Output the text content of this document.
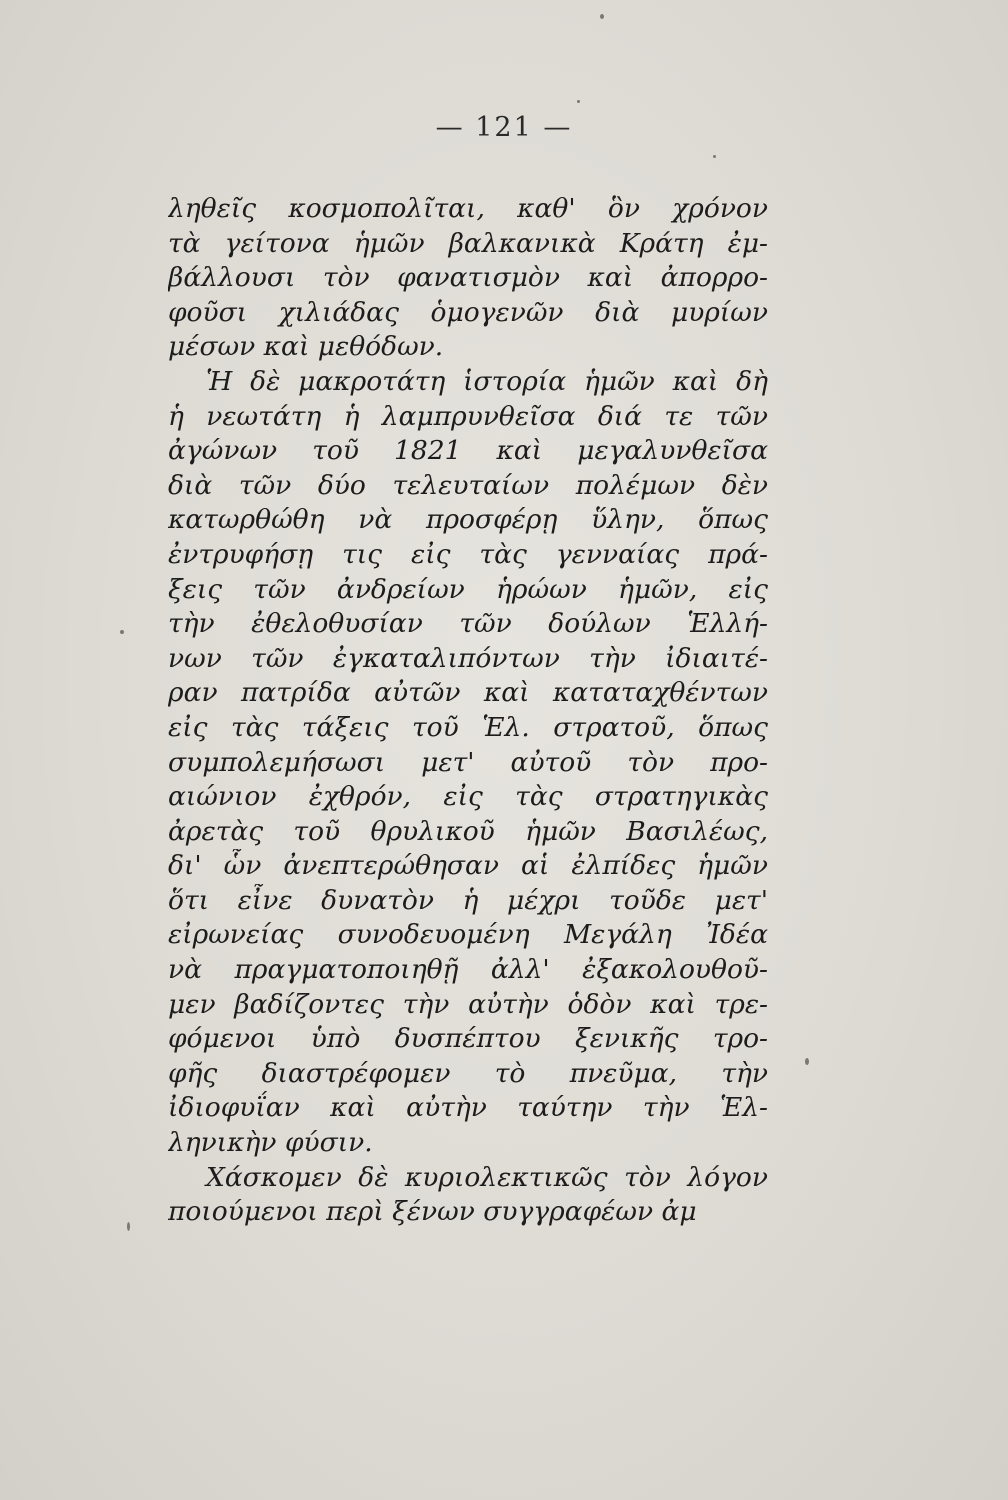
— 121 —
ληθεῖς κοσμοπολῖται, καθ' ὃν χρόνον
τὰ γείτονα ἡμῶν βαλκανικὰ Κράτη ἐμ-
βάλλουσι τὸν φανατισμὸν καὶ ἀπορρο-
φοῦσι χιλιάδας ὁμογενῶν διὰ μυρίων
μέσων καὶ μεθόδων.
Ἡ δὲ μακροτάτη ἱστορία ἡμῶν καὶ δὴ
ἡ νεωτάτη ἡ λαμπρυνθεῖσα διά τε τῶν
ἀγώνων τοῦ 1821 καὶ μεγαλυνθεῖσα
διὰ τῶν δύο τελευταίων πολέμων δὲν
κατωρθώθη νὰ προσφέρῃ ὕλην, ὅπως
ἐντρυφήσῃ τις εἰς τὰς γενναίας πρά-
ξεις τῶν ἀνδρείων ἡρώων ἡμῶν, εἰς
τὴν ἐθελοθυσίαν τῶν δούλων Ἑλλή-
νων τῶν ἐγκαταλιπόντων τὴν ἰδιαιτέ-
ραν πατρίδα αὐτῶν καὶ καταταχθέντων
εἰς τὰς τάξεις τοῦ Ἑλ. στρατοῦ, ὅπως
συμπολεμήσωσι μετ' αὐτοῦ τὸν προ-
αιώνιον ἐχθρόν, εἰς τὰς στρατηγικὰς
ἀρετὰς τοῦ θρυλικοῦ ἡμῶν Βασιλέως,
δι' ὧν ἀνεπτερώθησαν αἱ ἐλπίδες ἡμῶν
ὅτι εἶνε δυνατὸν ἡ μέχρι τοῦδε μετ'
εἰρωνείας συνοδευομένη Μεγάλη Ἰδέα
νὰ πραγματοποιηθῇ ἀλλ' ἐξακολουθοῦ-
μεν βαδίζοντες τὴν αὐτὴν ὁδὸν καὶ τρε-
φόμενοι ὑπὸ δυσπέπτου ξενικῆς τρο-
φῆς διαστρέφομεν τὸ πνεῦμα, τὴν
ἰδιοφυΐαν καὶ αὐτὴν ταύτην τὴν Ἑλ-
ληνικὴν φύσιν.
Χάσκομεν δὲ κυριολεκτικῶς τὸν λόγον
ποιούμενοι περὶ ξένων συγγραφέων ἀμ
